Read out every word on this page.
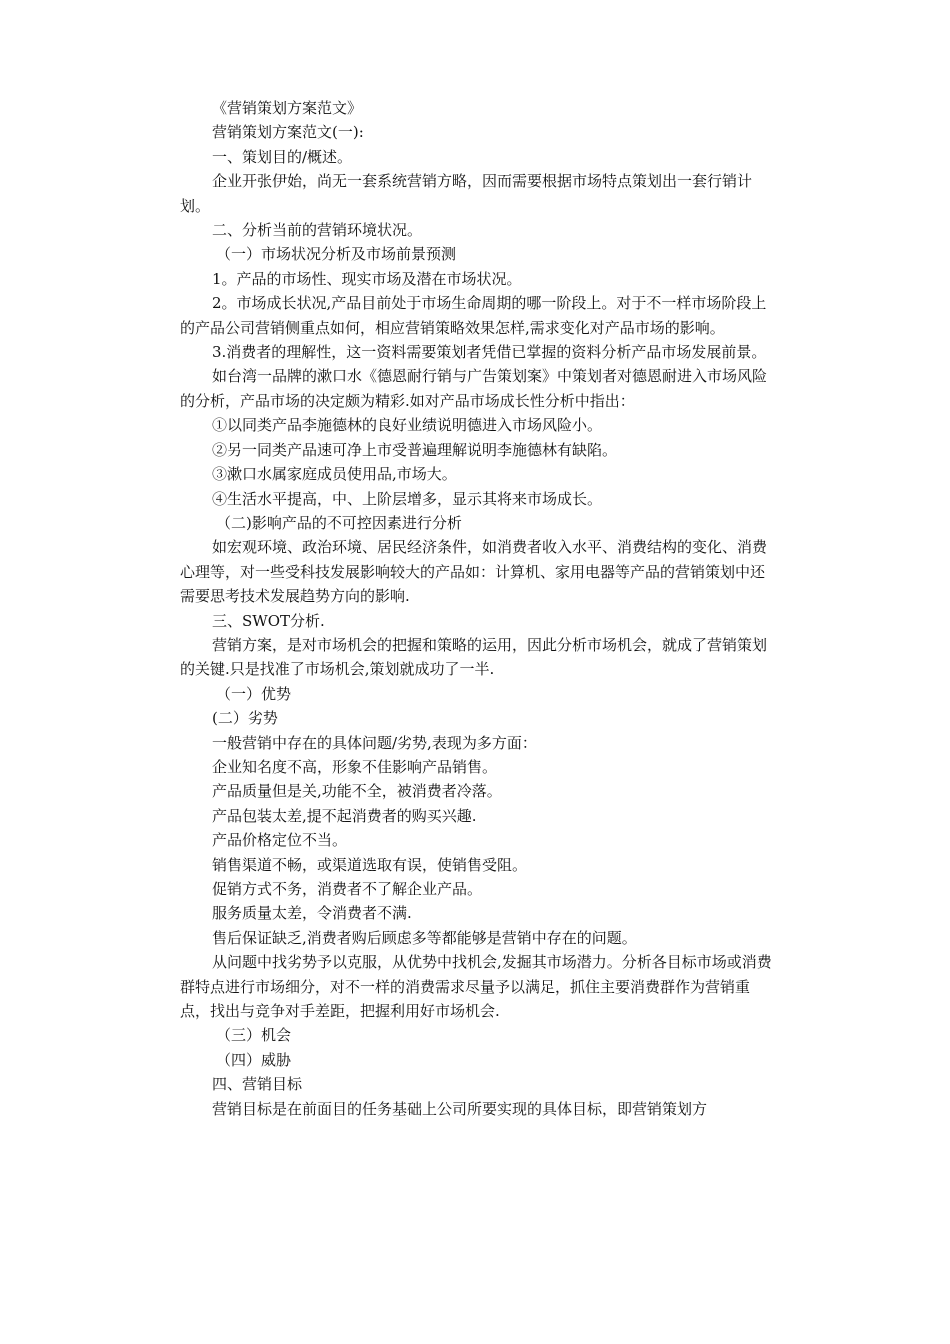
《营销策划方案范文》

营销策划方案范文(一):

一、策划目的/概述。

企业开张伊始，尚无一套系统营销方略，因而需要根据市场特点策划出一套行销计划。

二、分析当前的营销环境状况。

（一）市场状况分析及市场前景预测

1。产品的市场性、现实市场及潜在市场状况。

2。市场成长状况,产品目前处于市场生命周期的哪一阶段上。对于不一样市场阶段上的产品公司营销侧重点如何，相应营销策略效果怎样,需求变化对产品市场的影响。

3.消费者的理解性，这一资料需要策划者凭借已掌握的资料分析产品市场发展前景。

如台湾一品牌的漱口水《德恩耐行销与广告策划案》中策划者对德恩耐进入市场风险的分析，产品市场的决定颇为精彩.如对产品市场成长性分析中指出：

①以同类产品李施德林的良好业绩说明德进入市场风险小。

②另一同类产品速可净上市受普遍理解说明李施德林有缺陷。

③漱口水属家庭成员使用品,市场大。

④生活水平提高，中、上阶层增多，显示其将来市场成长。

（二)影响产品的不可控因素进行分析

如宏观环境、政治环境、居民经济条件，如消费者收入水平、消费结构的变化、消费心理等，对一些受科技发展影响较大的产品如：计算机、家用电器等产品的营销策划中还需要思考技术发展趋势方向的影响.

三、SWOT分析.

营销方案，是对市场机会的把握和策略的运用，因此分析市场机会，就成了营销策划的关键.只是找准了市场机会,策划就成功了一半.

（一）优势

(二）劣势

一般营销中存在的具体问题/劣势,表现为多方面：

企业知名度不高，形象不佳影响产品销售。

产品质量但是关,功能不全，被消费者冷落。

产品包装太差,提不起消费者的购买兴趣.

产品价格定位不当。

销售渠道不畅，或渠道选取有误，使销售受阻。

促销方式不务，消费者不了解企业产品。

服务质量太差，令消费者不满.

售后保证缺乏,消费者购后顾虑多等都能够是营销中存在的问题。

从问题中找劣势予以克服，从优势中找机会,发掘其市场潜力。分析各目标市场或消费群特点进行市场细分，对不一样的消费需求尽量予以满足，抓住主要消费群作为营销重点，找出与竞争对手差距，把握利用好市场机会.

（三）机会

（四）威胁

四、营销目标

营销目标是在前面目的任务基础上公司所要实现的具体目标，即营销策划方
